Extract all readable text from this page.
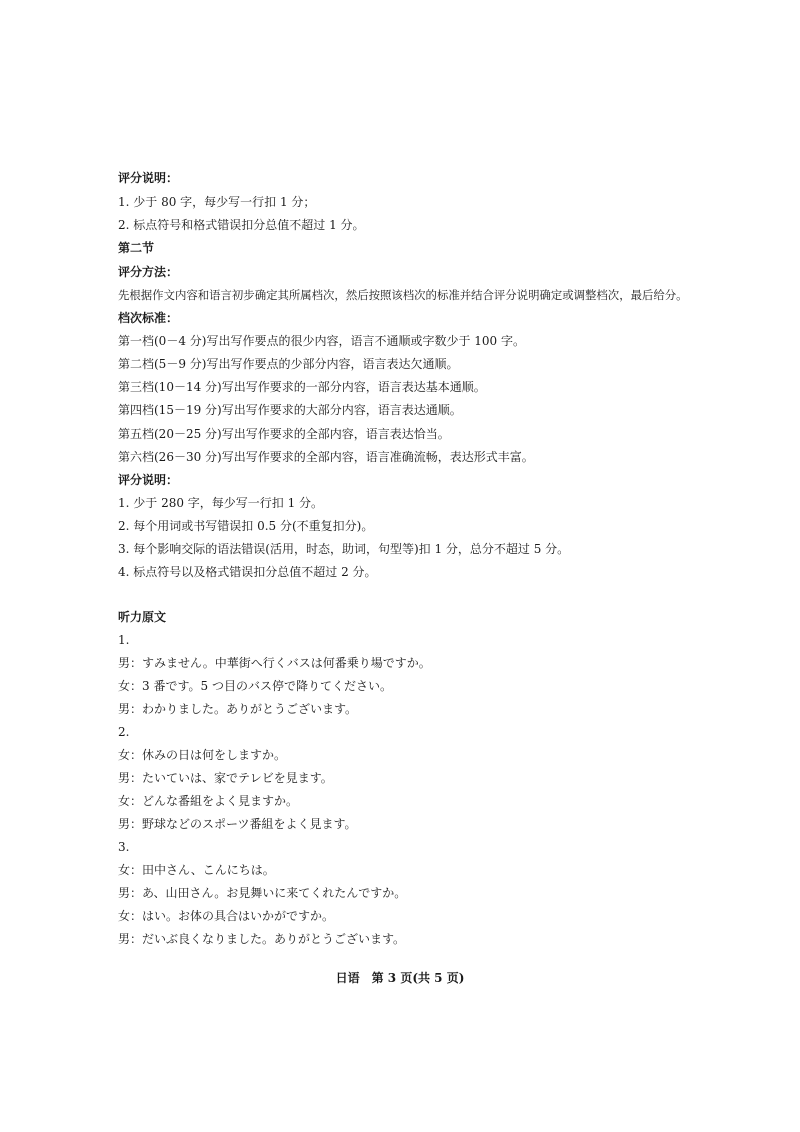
评分说明：
1. 少于 80 字，每少写一行扣 1 分；
2. 标点符号和格式错误扣分总值不超过 1 分。
第二节
评分方法：
先根据作文内容和语言初步确定其所属档次，然后按照该档次的标准并结合评分说明确定或调整档次，最后给分。
档次标准：
第一档(0－4 分)写出写作要点的很少内容，语言不通顺或字数少于 100 字。
第二档(5－9 分)写出写作要点的少部分内容，语言表达欠通顺。
第三档(10－14 分)写出写作要求的一部分内容，语言表达基本通顺。
第四档(15－19 分)写出写作要求的大部分内容，语言表达通顺。
第五档(20－25 分)写出写作要求的全部内容，语言表达恰当。
第六档(26－30 分)写出写作要求的全部内容，语言准确流畅，表达形式丰富。
评分说明：
1. 少于 280 字，每少写一行扣 1 分。
2. 每个用词或书写错误扣 0.5 分(不重复扣分)。
3. 每个影响交际的语法错误(活用，时态，助词，句型等)扣 1 分，总分不超过 5 分。
4. 标点符号以及格式错误扣分总值不超过 2 分。
听力原文
1.
男：すみません。中華街へ行くバスは何番乗り場ですか。
女：3 番です。5 つ目のバス停で降りてください。
男：わかりました。ありがとうございます。
2.
女：休みの日は何をしますか。
男：たいていは、家でテレビを見ます。
女：どんな番組をよく見ますか。
男：野球などのスポーツ番組をよく見ます。
3.
女：田中さん、こんにちは。
男：あ、山田さん。お見舞いに来てくれたんですか。
女：はい。お体の具合はいかがですか。
男：だいぶ良くなりました。ありがとうございます。
日语　第 3 页(共 5 页)
